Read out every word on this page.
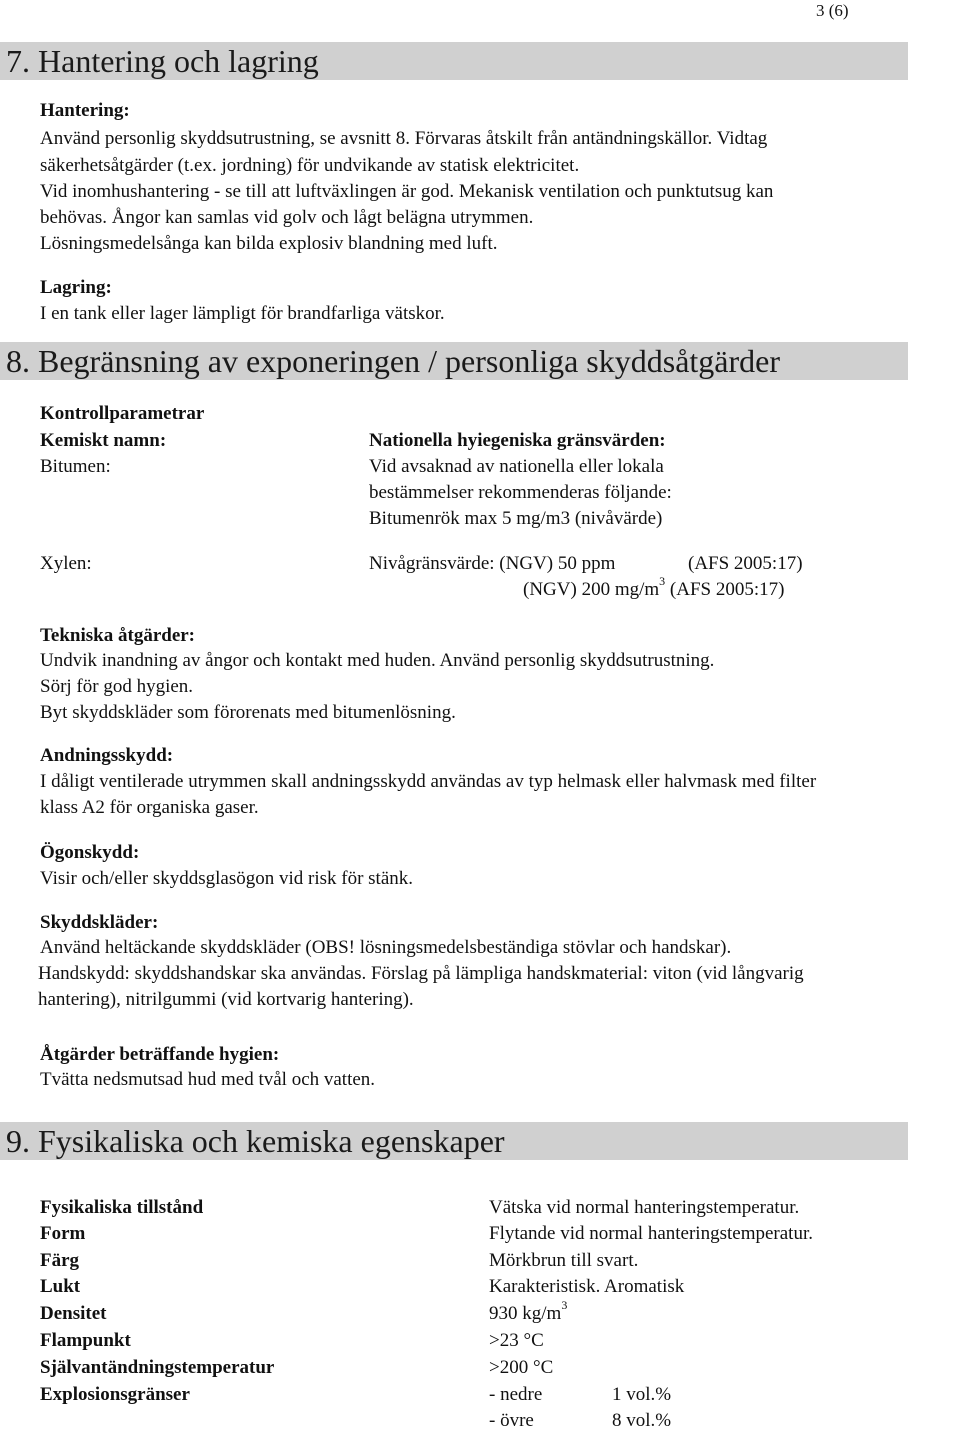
3 (6)
7. Hantering och lagring
Hantering:
Använd personlig skyddsutrustning, se avsnitt 8. Förvaras åtskilt från antändningskällor. Vidtag
säkerhetsåtgärder (t.ex. jordning) för undvikande av statisk elektricitet.
Vid inomhushantering - se till att luftväxlingen är god. Mekanisk ventilation och punktutsug kan
behövas. Ångor kan samlas vid golv och lågt belägna utrymmen.
Lösningsmedelsånga kan bilda explosiv blandning med luft.
Lagring:
I en tank eller lager lämpligt för brandfarliga vätskor.
8. Begränsning av exponeringen / personliga skyddsåtgärder
Kontrollparametrar
Kemiskt namn:	Nationella hyiegeniska gränsvärden:
Bitumen:	Vid avsaknad av nationella eller lokala
bestämmelser rekommenderas följande:
Bitumenrök max 5 mg/m3 (nivåvärde)
Xylen:	Nivågränsvärde: (NGV) 50 ppm	(AFS 2005:17)
(NGV) 200 $mg/m^3$ (AFS 2005:17)
Tekniska åtgärder:
Undvik inandning av ångor och kontakt med huden. Använd personlig skyddsutrustning.
Sörj för god hygien.
Byt skyddskläder som förorenats med bitumenlösning.
Andningsskydd:
I dåligt ventilerade utrymmen skall andningsskydd användas av typ helmask eller halvmask med filter
klass A2 för organiska gaser.
Ögonskydd:
Visir och/eller skyddsglasögon vid risk för stänk.
Skyddskläder:
Använd heltäckande skyddskläder (OBS! lösningsmedelsbeständiga stövlar och handskar).
Handskydd: skyddshandskar ska användas. Förslag på lämpliga handskmaterial: viton (vid långvarig
hantering), nitrilgummi (vid kortvarig hantering).
Åtgärder beträffande hygien:
Tvätta nedsmutsad hud med tvål och vatten.
9. Fysikaliska och kemiska egenskaper
Fysikaliska tillstånd	Vätska vid normal hanteringstemperatur.
Form	Flytande vid normal hanteringstemperatur.
Färg	Mörkbrun till svart.
Lukt	Karakteristisk. Aromatisk
Densitet	930 $kg/m^3$
Flampunkt	>23 °C
Självantändningstemperatur	>200 °C
Explosionsgränser	- nedre	1 vol.%
- övre	8 vol.%
